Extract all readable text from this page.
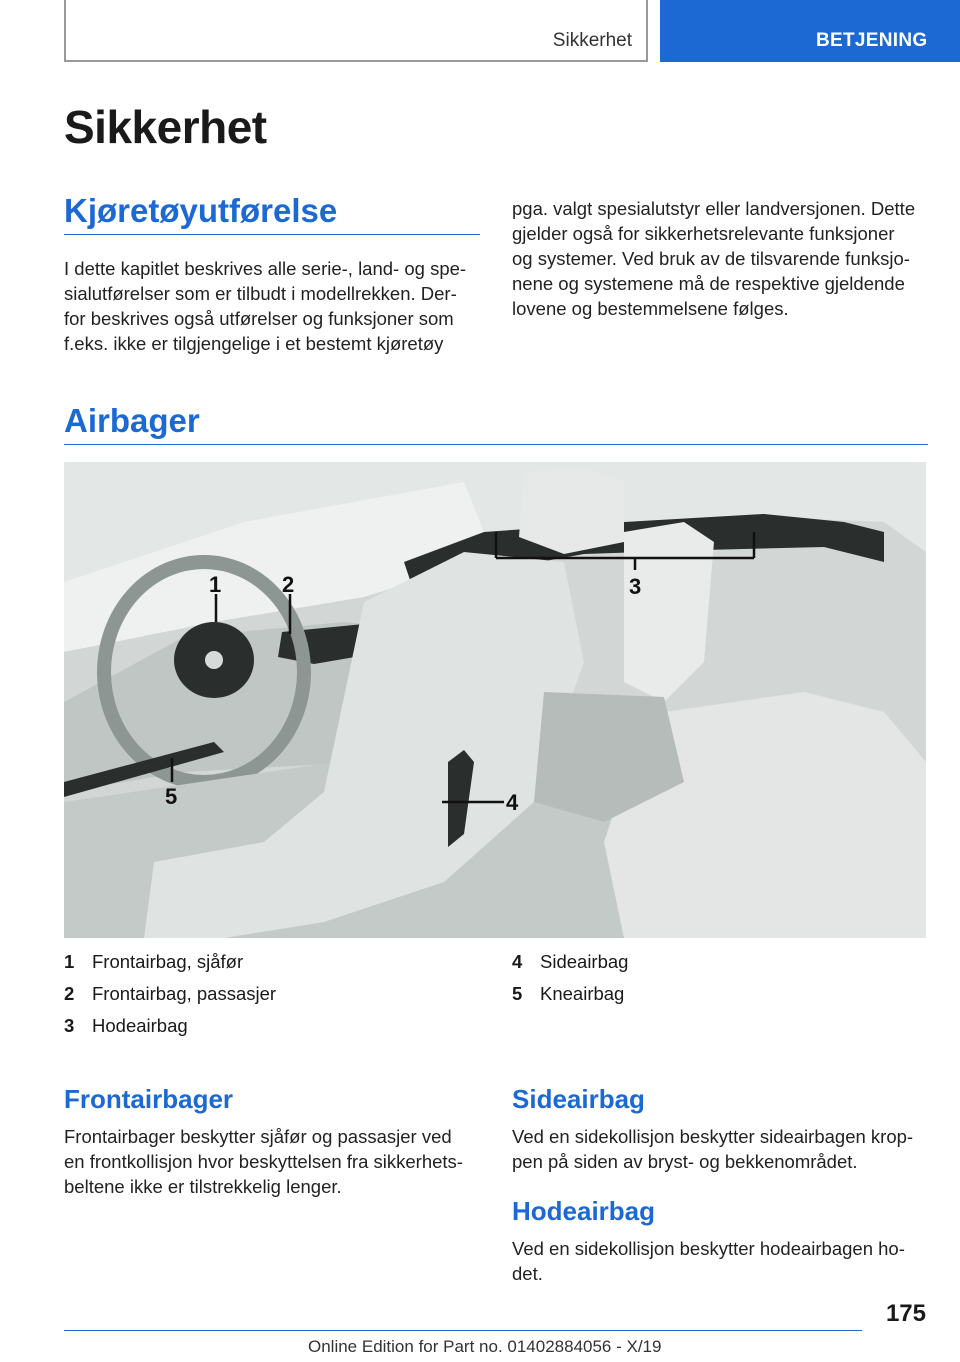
Sikkerhet	BETJENING
Sikkerhet
Kjøretøyutførelse

I dette kapitlet beskrives alle serie-, land- og spe-
sialutførelser som er tilbudt i modellrekken. Der-
for beskrives også utførelser og funksjoner som
f.eks. ikke er tilgjengelige i et bestemt kjøretøy

pga. valgt spesialutstyr eller landversjonen. Dette
gjelder også for sikkerhetsrelevante funksjoner
og systemer. Ved bruk av de tilsvarende funksjo-
nene og systemene må de respektive gjeldende
lovene og bestemmelsene følges.

Airbager
1	2	3
4
5
1 Frontairbag, sjåfør
2 Frontairbag, passasjer
3 Hodeairbag
4 Sideairbag
5 Kneairbag
Frontairbager

Frontairbager beskytter sjåfør og passasjer ved
en frontkollisjon hvor beskyttelsen fra sikkerhets-
beltene ikke er tilstrekkelig lenger.

Sideairbag

Ved en sidekollisjon beskytter sideairbagen krop-
pen på siden av bryst- og bekkenområdet.

Hodeairbag

Ved en sidekollisjon beskytter hodeairbagen ho-
det.

175
Online Edition for Part no. 01402884056 - X/19
